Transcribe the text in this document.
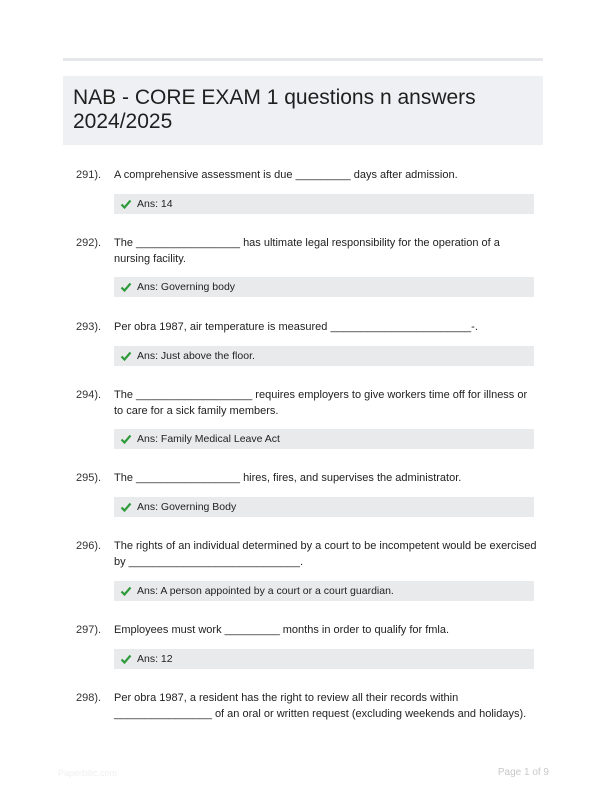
NAB - CORE EXAM 1 questions n answers
2024/2025
291). A comprehensive assessment is due _________ days after admission.
Ans: 14
292). The _________________ has ultimate legal responsibility for the operation of a nursing facility.
Ans: Governing body
293). Per obra 1987, air temperature is measured _______________________-.
Ans: Just above the floor.
294). The ___________________ requires employers to give workers time off for illness or to care for a sick family members.
Ans: Family Medical Leave Act
295). The _________________ hires, fires, and supervises the administrator.
Ans: Governing Body
296). The rights of an individual determined by a court to be incompetent would be exercised by ____________________________.
Ans: A person appointed by a court or a court guardian.
297). Employees must work _________ months in order to qualify for fmla.
Ans: 12
298). Per obra 1987, a resident has the right to review all their records within ________________ of an oral or written request (excluding weekends and holidays).
Paperbliic.com	Page 1 of 9
